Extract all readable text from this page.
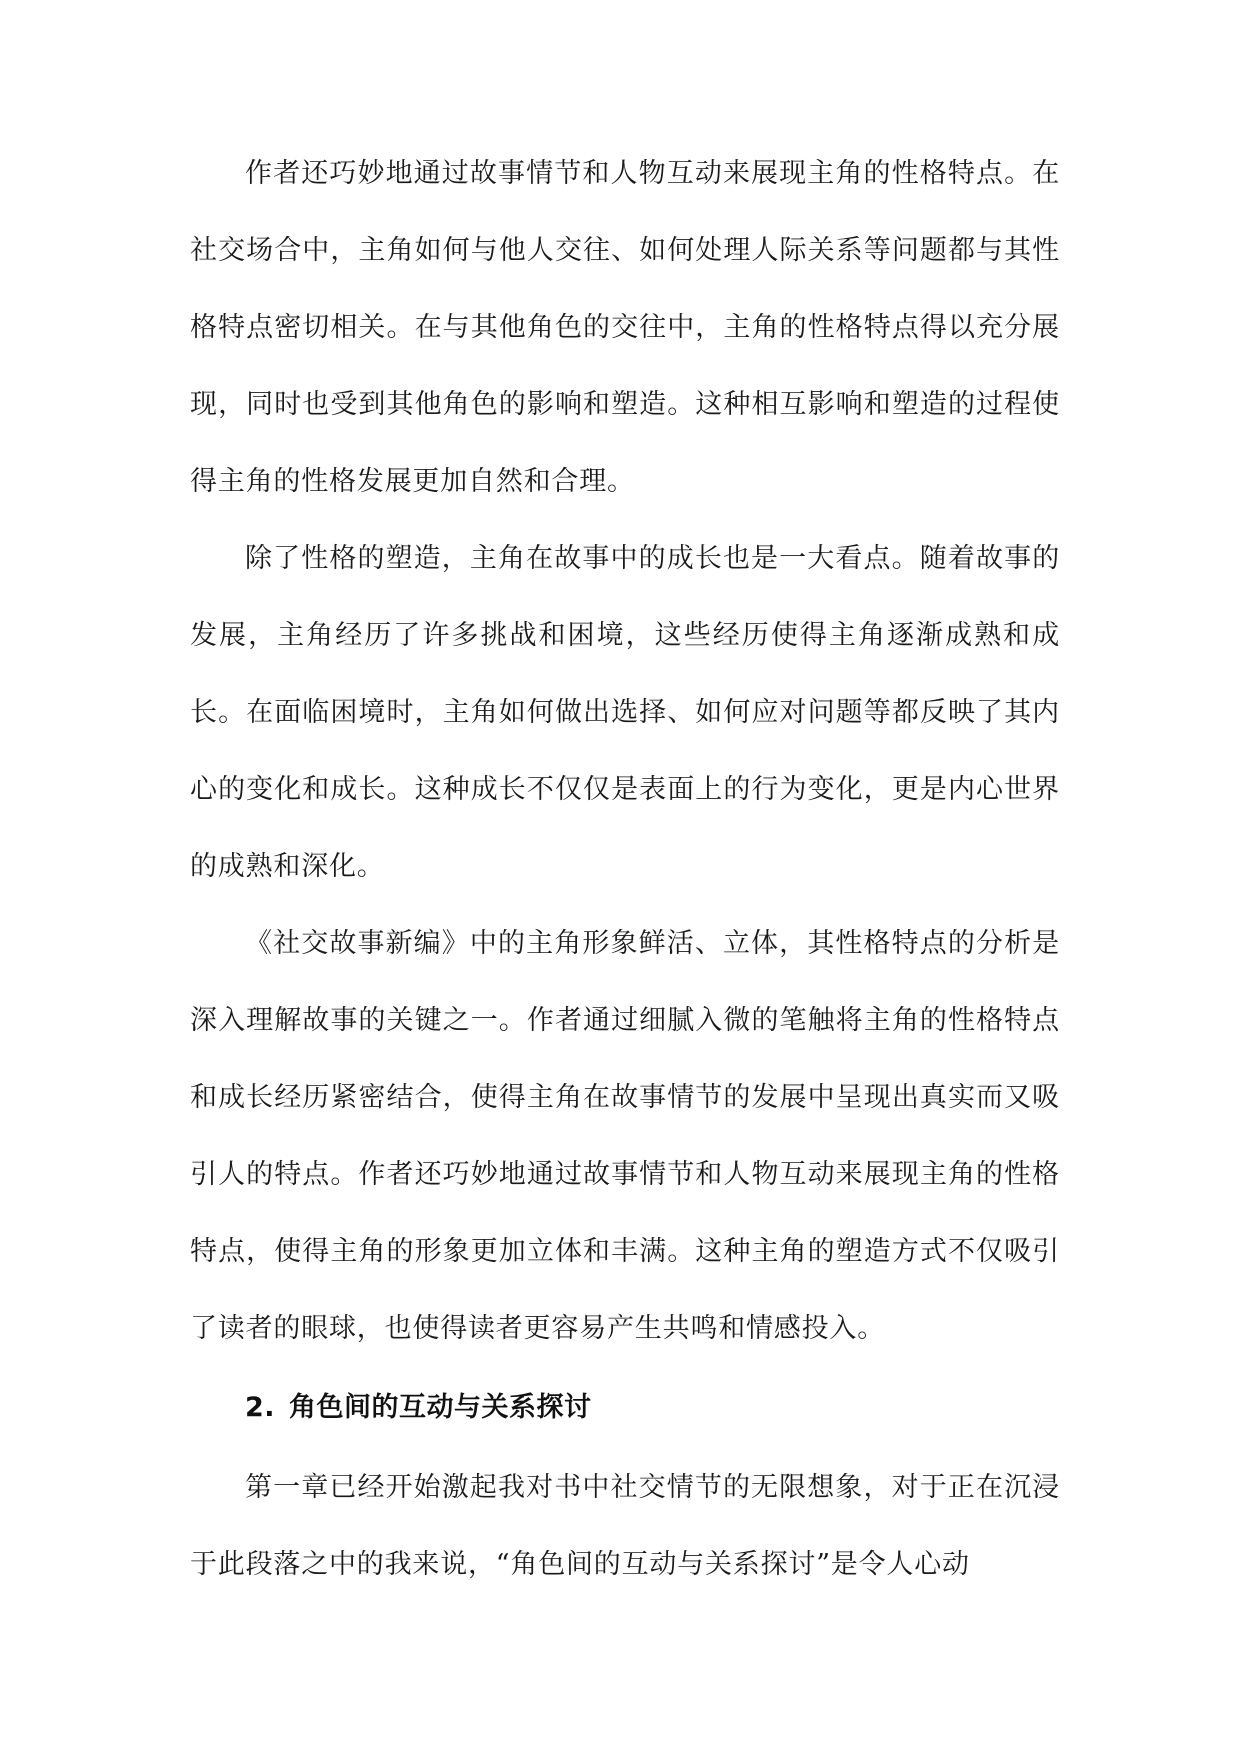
作者还巧妙地通过故事情节和人物互动来展现主角的性格特点。在社交场合中，主角如何与他人交往、如何处理人际关系等问题都与其性格特点密切相关。在与其他角色的交往中，主角的性格特点得以充分展现，同时也受到其他角色的影响和塑造。这种相互影响和塑造的过程使得主角的性格发展更加自然和合理。

除了性格的塑造，主角在故事中的成长也是一大看点。随着故事的发展，主角经历了许多挑战和困境，这些经历使得主角逐渐成熟和成长。在面临困境时，主角如何做出选择、如何应对问题等都反映了其内心的变化和成长。这种成长不仅仅是表面上的行为变化，更是内心世界的成熟和深化。

《社交故事新编》中的主角形象鲜活、立体，其性格特点的分析是深入理解故事的关键之一。作者通过细腻入微的笔触将主角的性格特点和成长经历紧密结合，使得主角在故事情节的发展中呈现出真实而又吸引人的特点。作者还巧妙地通过故事情节和人物互动来展现主角的性格特点，使得主角的形象更加立体和丰满。这种主角的塑造方式不仅吸引了读者的眼球，也使得读者更容易产生共鸣和情感投入。

2. 角色间的互动与关系探讨

第一章已经开始激起我对书中社交情节的无限想象，对于正在沉浸于此段落之中的我来说，“角色间的互动与关系探讨”是令人心动
